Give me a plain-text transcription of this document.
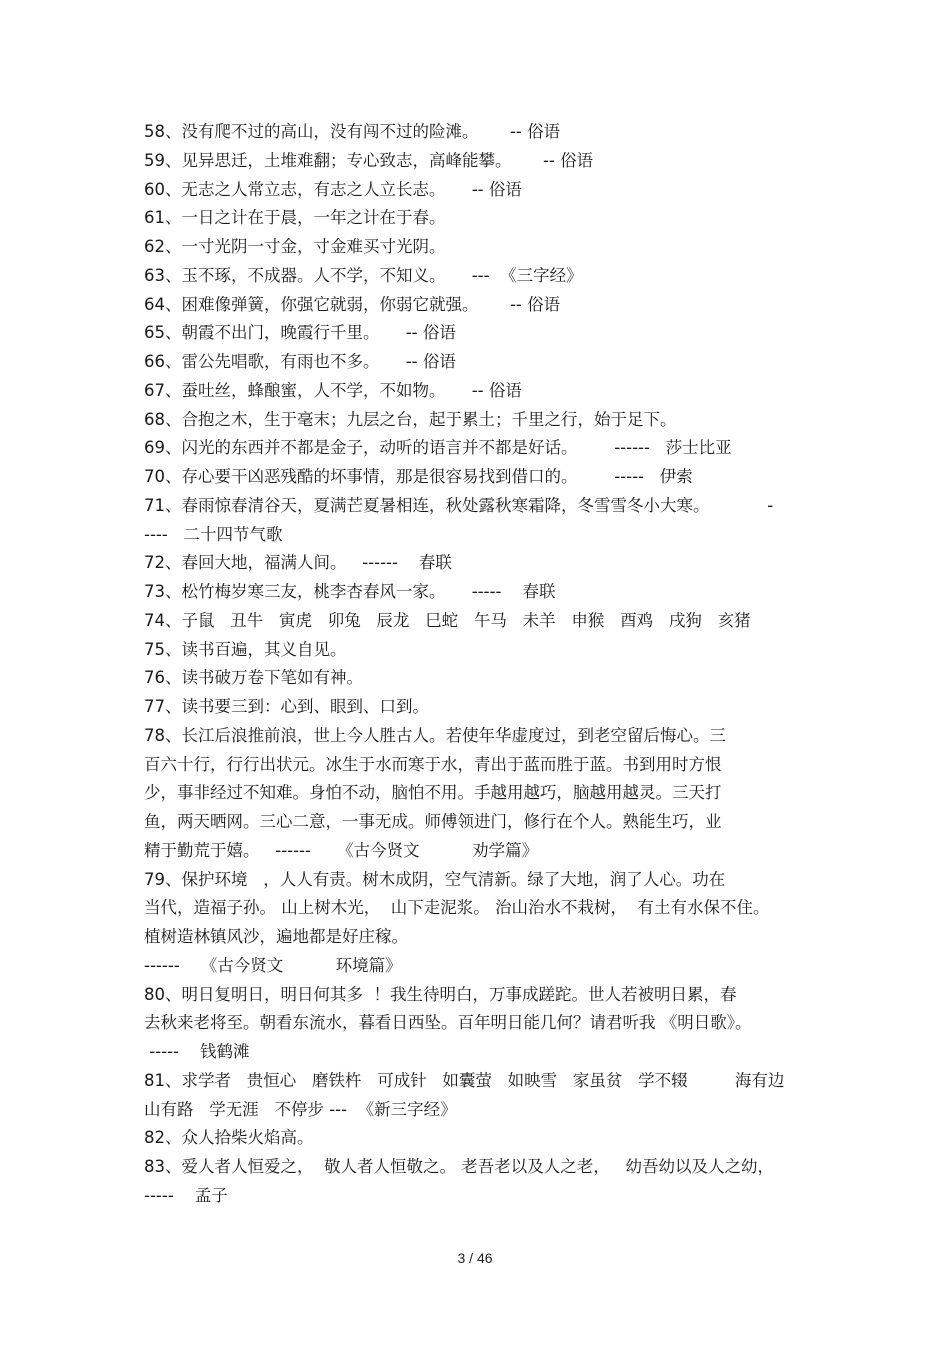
58、没有爬不过的高山，没有闯不过的险滩。      -- 俗语
59、见异思迁，土堆难翻；专心致志，高峰能攀。      -- 俗语
60、无志之人常立志，有志之人立长志。     -- 俗语
61、一日之计在于晨，一年之计在于春。
62、一寸光阴一寸金，寸金难买寸光阴。
63、玉不琢，不成器。人不学，不知义。     ---  《三字经》
64、困难像弹簧，你强它就弱，你弱它就强。      -- 俗语
65、朝霞不出门，晚霞行千里。     -- 俗语
66、雷公先唱歌，有雨也不多。     -- 俗语
67、蚕吐丝，蜂酿蜜，人不学，不如物。     -- 俗语
68、合抱之木，生于毫末；九层之台，起于累土；千里之行，始于足下。
69、闪光的东西并不都是金子，动听的语言并不都是好话。       ------   莎士比亚
70、存心要干凶恶残酷的坏事情，那是很容易找到借口的。       -----   伊索
71、春雨惊春清谷天，夏满芒夏暑相连，秋处露秋寒霜降，冬雪雪冬小大寒。           -
----   二十四节气歌
72、春回大地，福满人间。   ------    春联
73、松竹梅岁寒三友，桃李杏春风一家。     -----    春联
74、子鼠   丑牛   寅虎   卯兔   辰龙   巳蛇   午马   未羊   申猴   酉鸡   戌狗   亥猪
75、读书百遍，其义自见。
76、读书破万卷下笔如有神。
77、读书要三到：心到、眼到、口到。
78、长江后浪推前浪，世上今人胜古人。若使年华虚度过，到老空留后悔心。三
百六十行，行行出状元。冰生于水而寒于水，青出于蓝而胜于蓝。书到用时方恨
少，事非经过不知难。身怕不动，脑怕不用。手越用越巧，脑越用越灵。三天打
鱼，两天晒网。三心二意，一事无成。师傅领进门，修行在个人。熟能生巧，业
精于勤荒于嬉。   ------     《古今贤文          劝学篇》
79、保护环境   ，人人有责。树木成阴，空气清新。绿了大地，润了人心。功在
当代，造福子孙。 山上树木光，  山下走泥浆。 治山治水不栽树，  有土有水保不住。
植树造林镇风沙，遍地都是好庄稼。
------    《古今贤文          环境篇》
80、明日复明日，明日何其多  ！我生待明白，万事成蹉跎。世人若被明日累，春
去秋来老将至。朝看东流水，暮看日西坠。百年明日能几何？请君听我 《明日歌》。
-----    钱鹤滩
81、求学者   贵恒心   磨铁杵   可成针   如囊萤   如映雪   家虽贫   学不辍         海有边
山有路   学无涯   不停步 ---  《新三字经》
82、众人拾柴火焰高。
83、爱人者人恒爱之，  敬人者人恒敬之。 老吾老以及人之老，   幼吾幼以及人之幼，
-----    孟子
3 / 46
